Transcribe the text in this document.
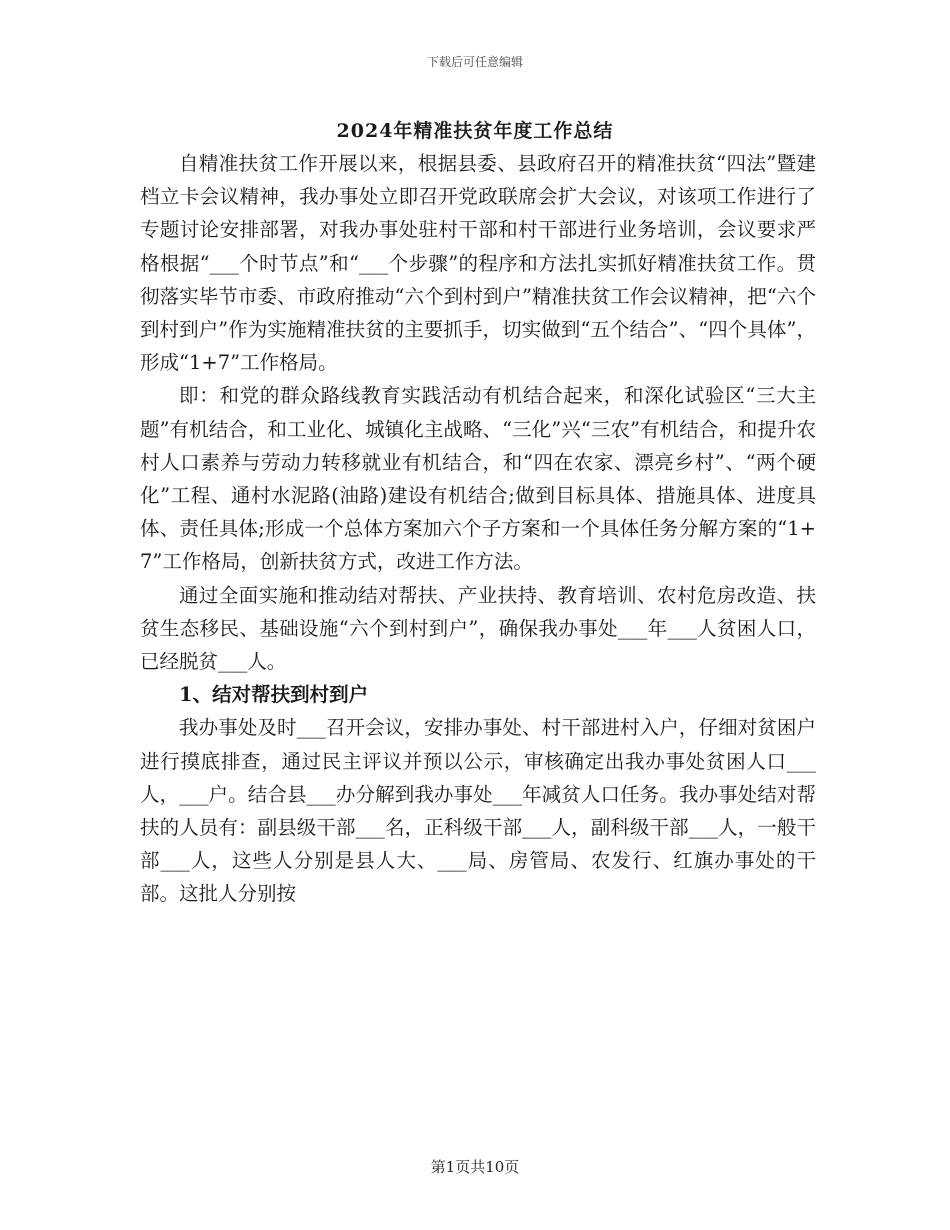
下载后可任意编辑
2024年精准扶贫年度工作总结

自精准扶贫工作开展以来，根据县委、县政府召开的精准扶贫“四法”暨建档立卡会议精神，我办事处立即召开党政联席会扩大会议，对该项工作进行了专题讨论安排部署，对我办事处驻村干部和村干部进行业务培训，会议要求严格根据“___个时节点”和“___个步骤”的程序和方法扎实抓好精准扶贫工作。贯彻落实毕节市委、市政府推动“六个到村到户”精准扶贫工作会议精神，把“六个到村到户”作为实施精准扶贫的主要抓手，切实做到“五个结合”、“四个具体”，形成“1+7”工作格局。

即：和党的群众路线教育实践活动有机结合起来，和深化试验区“三大主题”有机结合，和工业化、城镇化主战略、“三化”兴“三农”有机结合，和提升农村人口素养与劳动力转移就业有机结合，和“四在农家、漂亮乡村”、“两个硬化”工程、通村水泥路(油路)建设有机结合;做到目标具体、措施具体、进度具体、责任具体;形成一个总体方案加六个子方案和一个具体任务分解方案的“1+7”工作格局，创新扶贫方式，改进工作方法。

通过全面实施和推动结对帮扶、产业扶持、教育培训、农村危房改造、扶贫生态移民、基础设施“六个到村到户”，确保我办事处___年___人贫困人口，已经脱贫___人。

1、结对帮扶到村到户

我办事处及时___召开会议，安排办事处、村干部进村入户，仔细对贫困户进行摸底排查，通过民主评议并预以公示，审核确定出我办事处贫困人口___人，___户。结合县___办分解到我办事处___年减贫人口任务。我办事处结对帮扶的人员有：副县级干部___名，正科级干部___人，副科级干部___人，一般干部___人，这些人分别是县人大、___局、房管局、农发行、红旗办事处的干部。这批人分别按

第1页共10页
